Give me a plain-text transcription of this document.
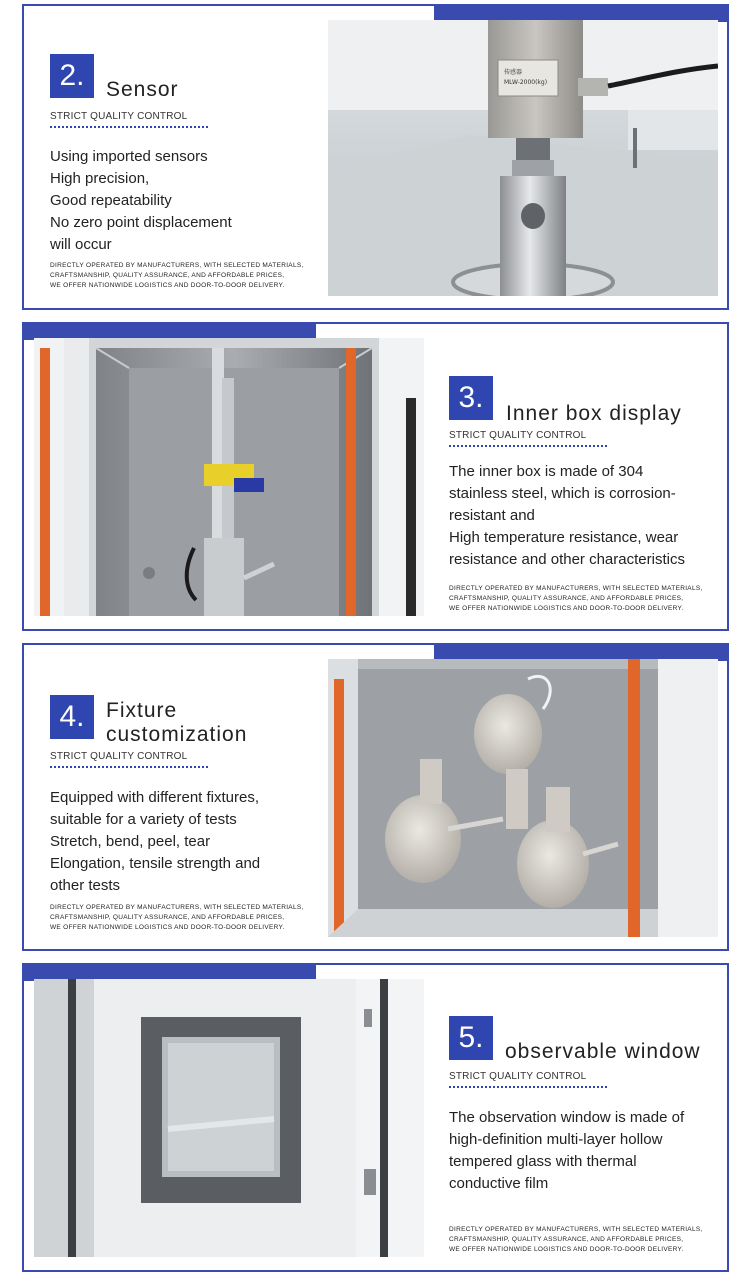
2.	Sensor
STRICT QUALITY CONTROL
Using imported sensors
High precision,
Good repeatability
No zero point displacement
will occur
DIRECTLY OPERATED BY MANUFACTURERS, WITH SELECTED MATERIALS,
CRAFTSMANSHIP, QUALITY ASSURANCE, AND AFFORDABLE PRICES,
WE OFFER NATIONWIDE LOGISTICS AND DOOR-TO-DOOR DELIVERY.
传感器
MLW-2000(kg)
3.	Inner box display
STRICT QUALITY CONTROL
The inner box is made of 304
stainless steel, which is corrosion-
resistant and
High temperature resistance, wear
resistance and other characteristics
DIRECTLY OPERATED BY MANUFACTURERS, WITH SELECTED MATERIALS,
CRAFTSMANSHIP, QUALITY ASSURANCE, AND AFFORDABLE PRICES,
WE OFFER NATIONWIDE LOGISTICS AND DOOR-TO-DOOR DELIVERY.
4.	Fixture
customization
STRICT QUALITY CONTROL
Equipped with different fixtures,
suitable for a variety of tests
Stretch, bend, peel, tear
Elongation, tensile strength and
other tests
DIRECTLY OPERATED BY MANUFACTURERS, WITH SELECTED MATERIALS,
CRAFTSMANSHIP, QUALITY ASSURANCE, AND AFFORDABLE PRICES,
WE OFFER NATIONWIDE LOGISTICS AND DOOR-TO-DOOR DELIVERY.
5.	observable window
STRICT QUALITY CONTROL
The observation window is made of
high-definition multi-layer hollow
tempered glass with thermal
conductive film
DIRECTLY OPERATED BY MANUFACTURERS, WITH SELECTED MATERIALS,
CRAFTSMANSHIP, QUALITY ASSURANCE, AND AFFORDABLE PRICES,
WE OFFER NATIONWIDE LOGISTICS AND DOOR-TO-DOOR DELIVERY.
